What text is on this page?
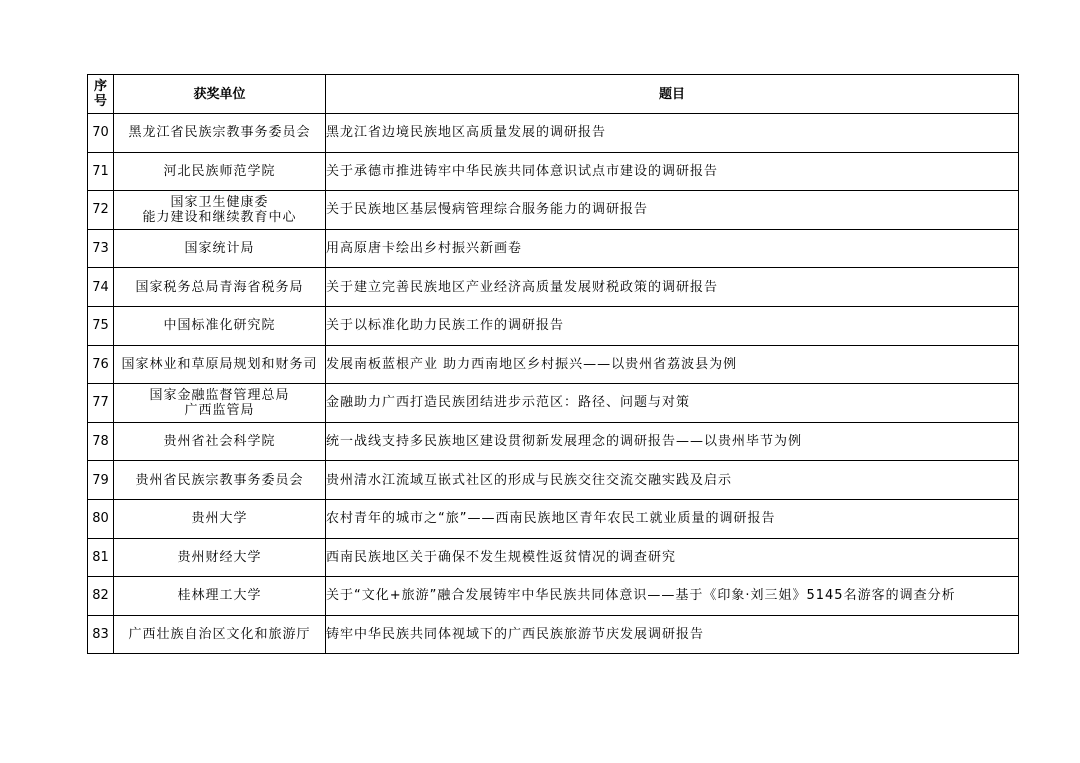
序号	获奖单位	题目
70	黑龙江省民族宗教事务委员会	黑龙江省边境民族地区高质量发展的调研报告
71	河北民族师范学院	关于承德市推进铸牢中华民族共同体意识试点市建设的调研报告
72	国家卫生健康委
能力建设和继续教育中心	关于民族地区基层慢病管理综合服务能力的调研报告
73	国家统计局	用高原唐卡绘出乡村振兴新画卷
74	国家税务总局青海省税务局	关于建立完善民族地区产业经济高质量发展财税政策的调研报告
75	中国标准化研究院	关于以标准化助力民族工作的调研报告
76	国家林业和草原局规划和财务司	发展南板蓝根产业 助力西南地区乡村振兴——以贵州省荔波县为例
77	国家金融监督管理总局
广西监管局	金融助力广西打造民族团结进步示范区：路径、问题与对策
78	贵州省社会科学院	统一战线支持多民族地区建设贯彻新发展理念的调研报告——以贵州毕节为例
79	贵州省民族宗教事务委员会	贵州清水江流域互嵌式社区的形成与民族交往交流交融实践及启示
80	贵州大学	农村青年的城市之“旅”——西南民族地区青年农民工就业质量的调研报告
81	贵州财经大学	西南民族地区关于确保不发生规模性返贫情况的调查研究
82	桂林理工大学	关于“文化+旅游”融合发展铸牢中华民族共同体意识——基于《印象·刘三姐》5145名游客的调查分析
83	广西壮族自治区文化和旅游厅	铸牢中华民族共同体视域下的广西民族旅游节庆发展调研报告
